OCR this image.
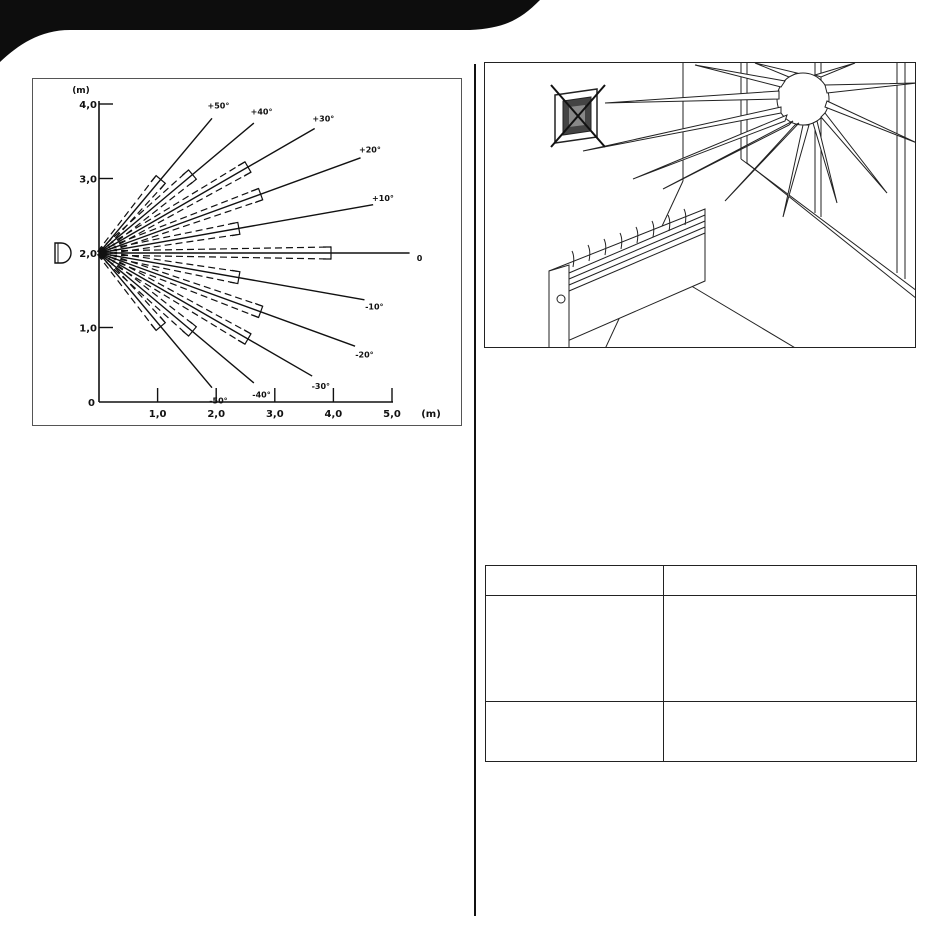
(m)
4,0
3,0
2,0
1,0
0
1,0	2,0	3,0	4,0	5,0 (m)
+50°
+40°
+30°
+20°
+10°
0
-10°
-20°
-30°
-40°
-50°
